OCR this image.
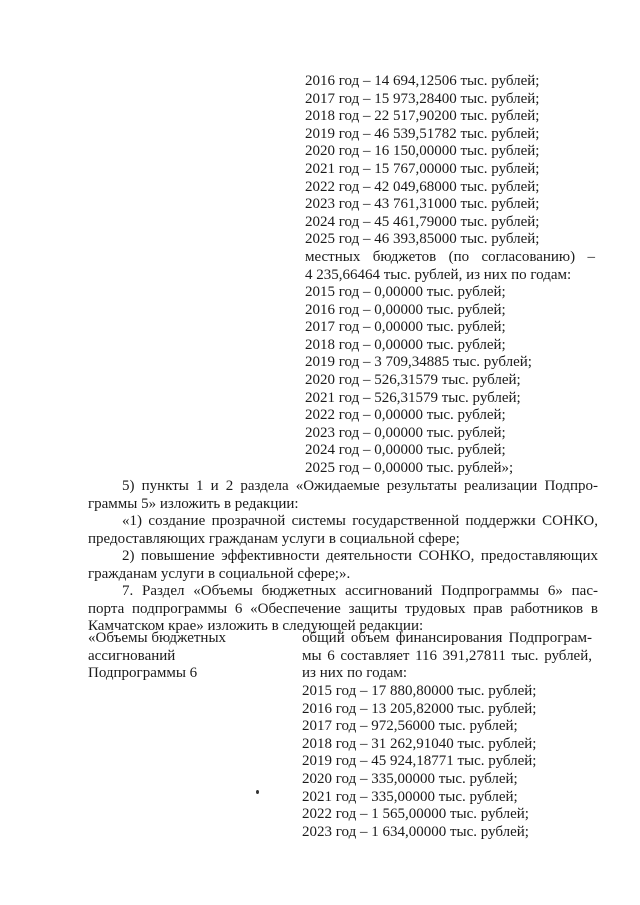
2016 год – 14 694,12506 тыс. рублей;
2017 год – 15 973,28400 тыс. рублей;
2018 год – 22 517,90200 тыс. рублей;
2019 год – 46 539,51782 тыс. рублей;
2020 год – 16 150,00000 тыс. рублей;
2021 год – 15 767,00000 тыс. рублей;
2022 год – 42 049,68000 тыс. рублей;
2023 год – 43 761,31000 тыс. рублей;
2024 год – 45 461,79000 тыс. рублей;
2025 год – 46 393,85000 тыс. рублей;
местных бюджетов (по согласованию) –
4 235,66464 тыс. рублей, из них по годам:
2015 год – 0,00000 тыс. рублей;
2016 год – 0,00000 тыс. рублей;
2017 год – 0,00000 тыс. рублей;
2018 год – 0,00000 тыс. рублей;
2019 год – 3 709,34885 тыс. рублей;
2020 год – 526,31579 тыс. рублей;
2021 год – 526,31579 тыс. рублей;
2022 год – 0,00000 тыс. рублей;
2023 год – 0,00000 тыс. рублей;
2024 год – 0,00000 тыс. рублей;
2025 год – 0,00000 тыс. рублей»;
5) пункты 1 и 2 раздела «Ожидаемые результаты реализации Подпро-
граммы 5» изложить в редакции:
«1) создание прозрачной системы государственной поддержки СОНКО,
предоставляющих гражданам услуги в социальной сфере;
2) повышение эффективности деятельности СОНКО, предоставляющих
гражданам услуги в социальной сфере;».
7. Раздел «Объемы бюджетных ассигнований Подпрограммы 6» пас-
порта подпрограммы 6 «Обеспечение защиты трудовых прав работников в
Камчатском крае» изложить в следующей редакции:
«Объемы бюджетных
ассигнований
Подпрограммы 6
общий объем финансирования Подпрограм-
мы 6 составляет 116 391,27811 тыс. рублей,
из них по годам:
2015 год – 17 880,80000 тыс. рублей;
2016 год – 13 205,82000 тыс. рублей;
2017 год – 972,56000 тыс. рублей;
2018 год – 31 262,91040 тыс. рублей;
2019 год – 45 924,18771 тыс. рублей;
2020 год – 335,00000 тыс. рублей;
2021 год – 335,00000 тыс. рублей;
2022 год – 1 565,00000 тыс. рублей;
2023 год – 1 634,00000 тыс. рублей;
